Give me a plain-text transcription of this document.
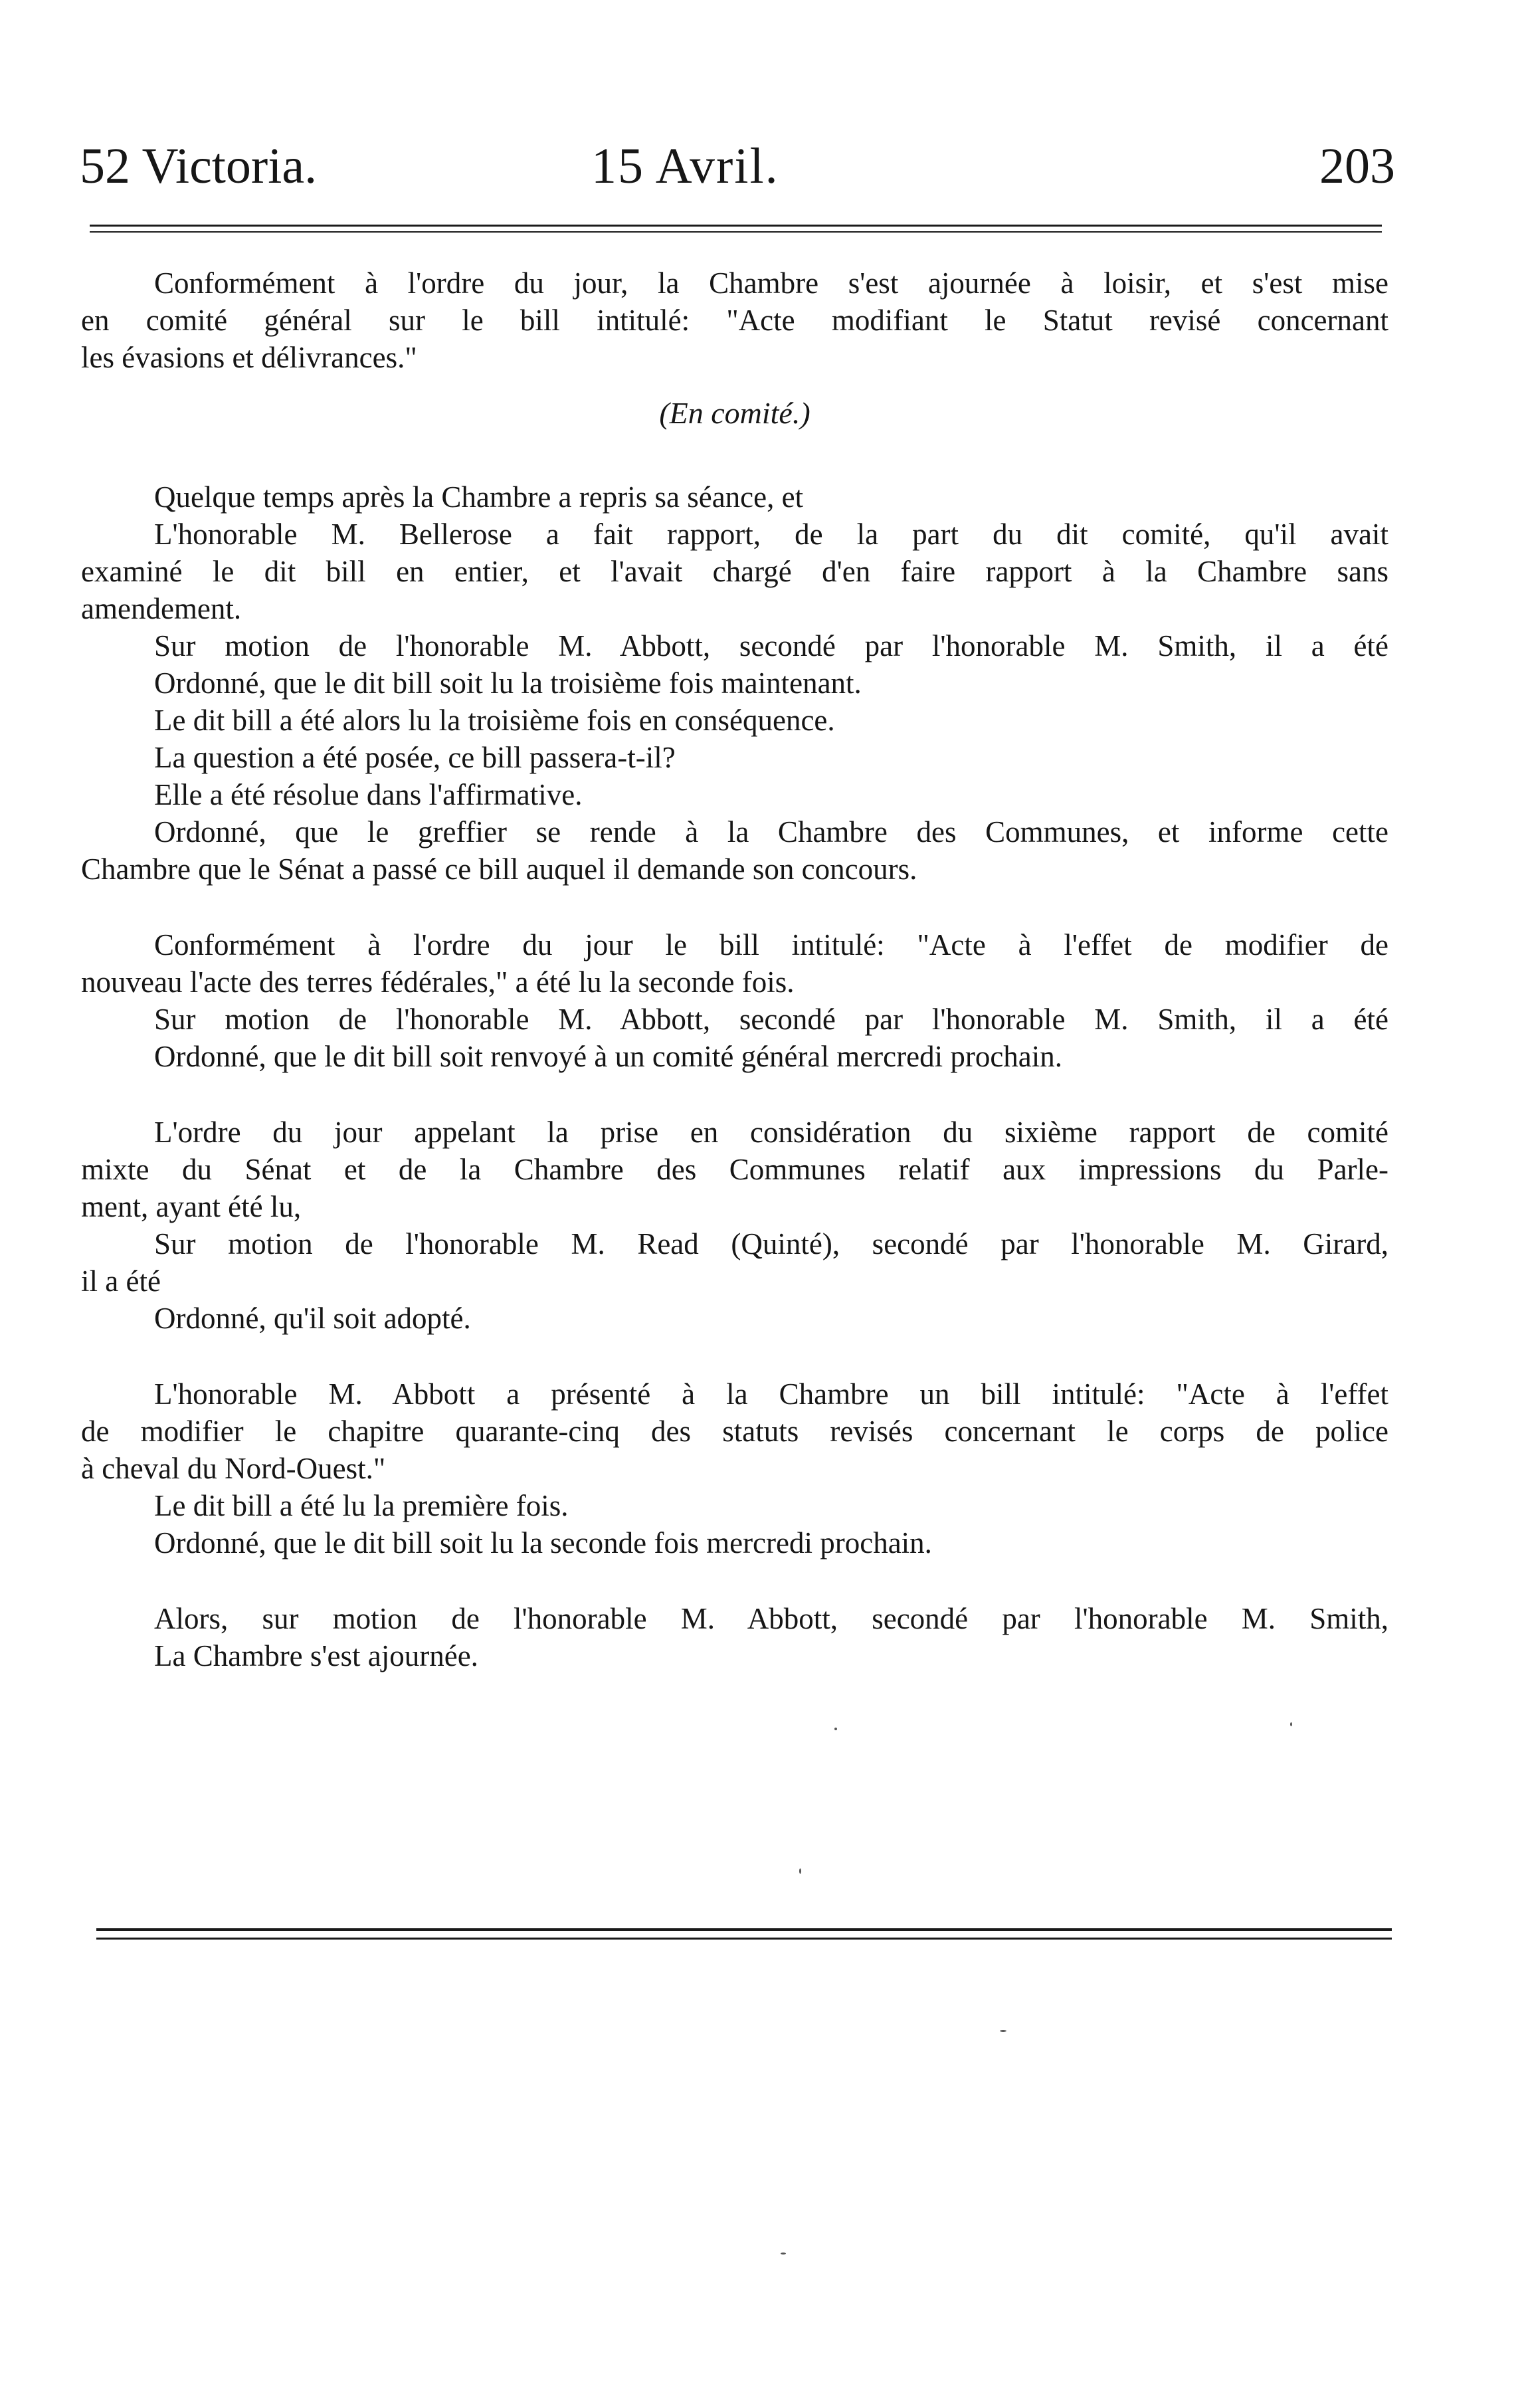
52 Victoria.	15 Avril.	203
Conformément à l'ordre du jour, la Chambre s'est ajournée à loisir, et s'est mise
en comité général sur le bill intitulé: "Acte modifiant le Statut revisé concernant
les évasions et délivrances."
(En comité.)
Quelque temps après la Chambre a repris sa séance, et
L'honorable M. Bellerose a fait rapport, de la part du dit comité, qu'il avait
examiné le dit bill en entier, et l'avait chargé d'en faire rapport à la Chambre sans
amendement.
Sur motion de l'honorable M. Abbott, secondé par l'honorable M. Smith, il a été
Ordonné, que le dit bill soit lu la troisième fois maintenant.
Le dit bill a été alors lu la troisième fois en conséquence.
La question a été posée, ce bill passera-t-il?
Elle a été résolue dans l'affirmative.
Ordonné, que le greffier se rende à la Chambre des Communes, et informe cette
Chambre que le Sénat a passé ce bill auquel il demande son concours.
Conformément à l'ordre du jour le bill intitulé: "Acte à l'effet de modifier de
nouveau l'acte des terres fédérales," a été lu la seconde fois.
Sur motion de l'honorable M. Abbott, secondé par l'honorable M. Smith, il a été
Ordonné, que le dit bill soit renvoyé à un comité général mercredi prochain.
L'ordre du jour appelant la prise en considération du sixième rapport de comité
mixte du Sénat et de la Chambre des Communes relatif aux impressions du Parle-
ment, ayant été lu,
Sur motion de l'honorable M. Read (Quinté), secondé par l'honorable M. Girard,
il a été
Ordonné, qu'il soit adopté.
L'honorable M. Abbott a présenté à la Chambre un bill intitulé: "Acte à l'effet
de modifier le chapitre quarante-cinq des statuts revisés concernant le corps de police
à cheval du Nord-Ouest."
Le dit bill a été lu la première fois.
Ordonné, que le dit bill soit lu la seconde fois mercredi prochain.
Alors, sur motion de l'honorable M. Abbott, secondé par l'honorable M. Smith,
La Chambre s'est ajournée.
